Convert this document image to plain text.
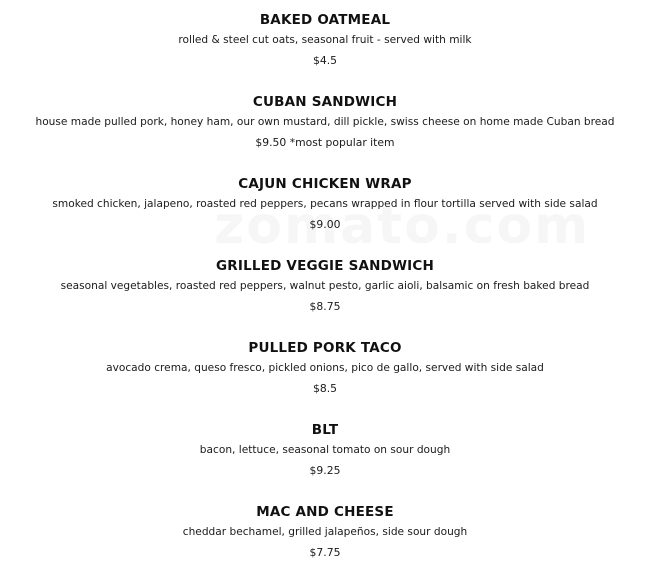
BAKED OATMEAL
rolled & steel cut oats, seasonal fruit - served with milk
$4.5
CUBAN SANDWICH
house made pulled pork, honey ham, our own mustard, dill pickle, swiss cheese on home made Cuban bread
$9.50 *most popular item
CAJUN CHICKEN WRAP
smoked chicken, jalapeno, roasted red peppers, pecans wrapped in flour tortilla served with side salad
$9.00
GRILLED VEGGIE SANDWICH
seasonal vegetables, roasted red peppers, walnut pesto, garlic aioli, balsamic on fresh baked bread
$8.75
PULLED PORK TACO
avocado crema, queso fresco, pickled onions, pico de gallo, served with side salad
$8.5
BLT
bacon, lettuce, seasonal tomato on sour dough
$9.25
MAC AND CHEESE
cheddar bechamel, grilled jalapeños, side sour dough
$7.75
